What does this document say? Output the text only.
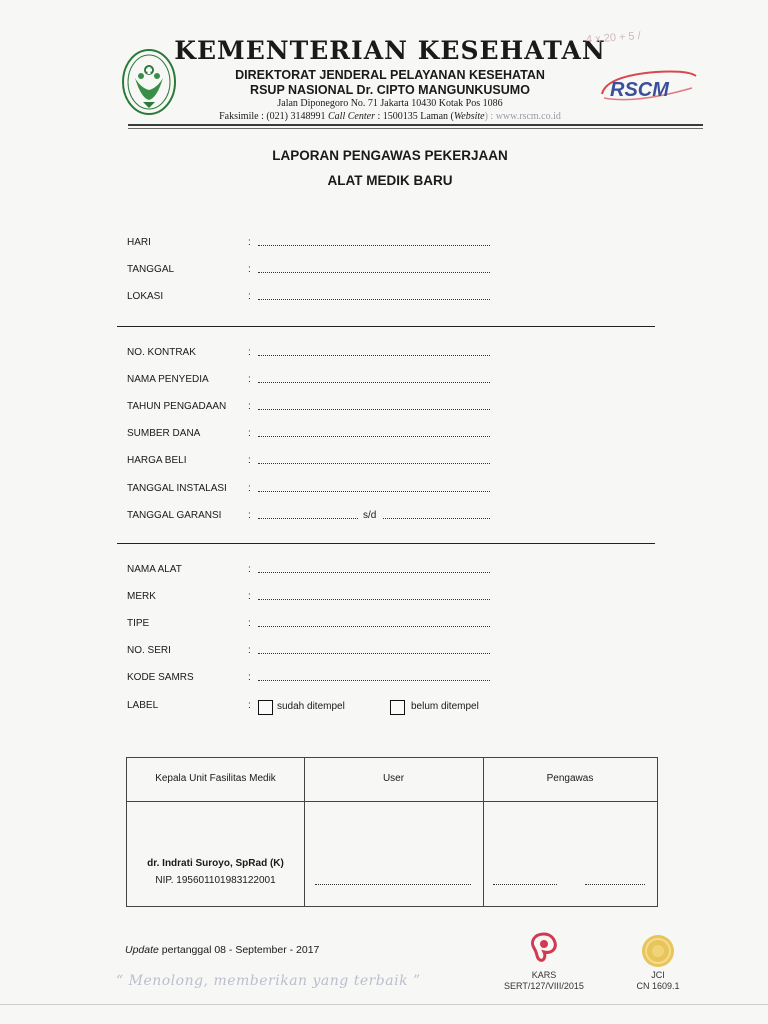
KEMENTERIAN KESEHATAN
DIREKTORAT JENDERAL PELAYANAN KESEHATAN
RSUP NASIONAL Dr. CIPTO MANGUNKUSUMO
Jalan Diponegoro No. 71 Jakarta 10430 Kotak Pos 1086
Faksimile : (021) 3148991 Call Center : 1500135 Laman (Website) : www.rscm.co.id
4 x 20 + 5 /
RSCM
LAPORAN PENGAWAS PEKERJAAN
ALAT MEDIK BARU
HARI	:
TANGGAL	:
LOKASI	:
NO. KONTRAK	:
NAMA PENYEDIA	:
TAHUN PENGADAAN	:
SUMBER DANA	:
HARGA BELI	:
TANGGAL INSTALASI	:
TANGGAL GARANSI	:	s/d
NAMA ALAT	:
MERK	:
TIPE	:
NO. SERI	:
KODE SAMRS	:
LABEL	:	sudah ditempel	belum ditempel
Kepala Unit Fasilitas Medik	User	Pengawas
dr. Indrati Suroyo, SpRad (K)
NIP. 195601101983122001
Update pertanggal 08 - September - 2017
“ Menolong, memberikan yang terbaik ”	KARS
SERT/127/VIII/2015
JCI
CN 1609.1
